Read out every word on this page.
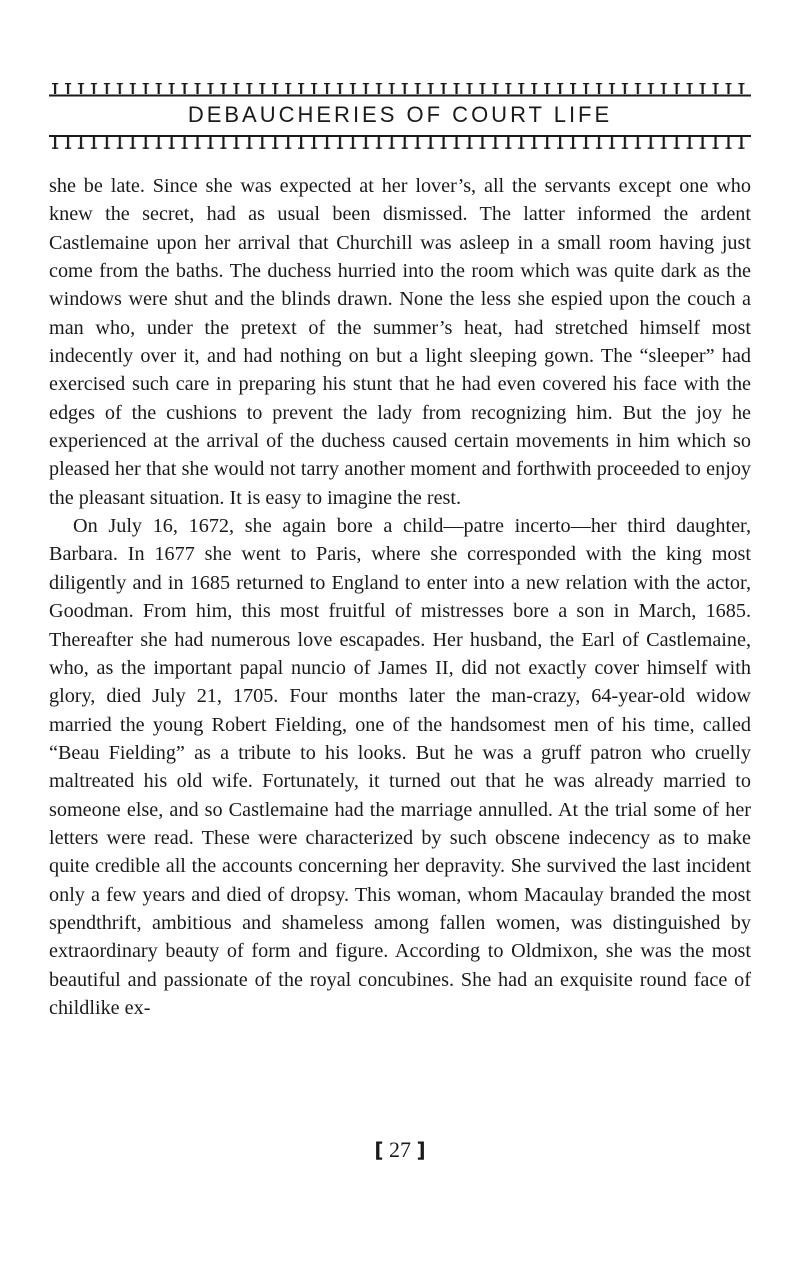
DEBAUCHERIES OF COURT LIFE

she be late. Since she was expected at her lover’s, all the servants except one who knew the secret, had as usual been dismissed. The latter informed the ardent Castlemaine upon her arrival that Churchill was asleep in a small room having just come from the baths. The duchess hurried into the room which was quite dark as the windows were shut and the blinds drawn. None the less she espied upon the couch a man who, under the pretext of the summer’s heat, had stretched himself most indecently over it, and had nothing on but a light sleeping gown. The “sleeper” had exercised such care in preparing his stunt that he had even covered his face with the edges of the cushions to prevent the lady from recognizing him. But the joy he experienced at the arrival of the duchess caused certain movements in him which so pleased her that she would not tarry another moment and forthwith proceeded to enjoy the pleasant situation. It is easy to imagine the rest.

On July 16, 1672, she again bore a child—patre incerto—her third daughter, Barbara. In 1677 she went to Paris, where she corresponded with the king most diligently and in 1685 returned to England to enter into a new relation with the actor, Goodman. From him, this most fruitful of mistresses bore a son in March, 1685. Thereafter she had numerous love escapades. Her husband, the Earl of Castlemaine, who, as the important papal nuncio of James II, did not exactly cover himself with glory, died July 21, 1705. Four months later the man-crazy, 64-year-old widow married the young Robert Fielding, one of the handsomest men of his time, called “Beau Fielding” as a tribute to his looks. But he was a gruff patron who cruelly maltreated his old wife. Fortunately, it turned out that he was already married to someone else, and so Castlemaine had the marriage annulled. At the trial some of her letters were read. These were characterized by such obscene indecency as to make quite credible all the accounts concerning her depravity. She survived the last incident only a few years and died of dropsy. This woman, whom Macaulay branded the most spendthrift, ambitious and shameless among fallen women, was distinguished by extraordinary beauty of form and figure. According to Oldmixon, she was the most beautiful and passionate of the royal concubines. She had an exquisite round face of childlike ex-

[ 27 ]
